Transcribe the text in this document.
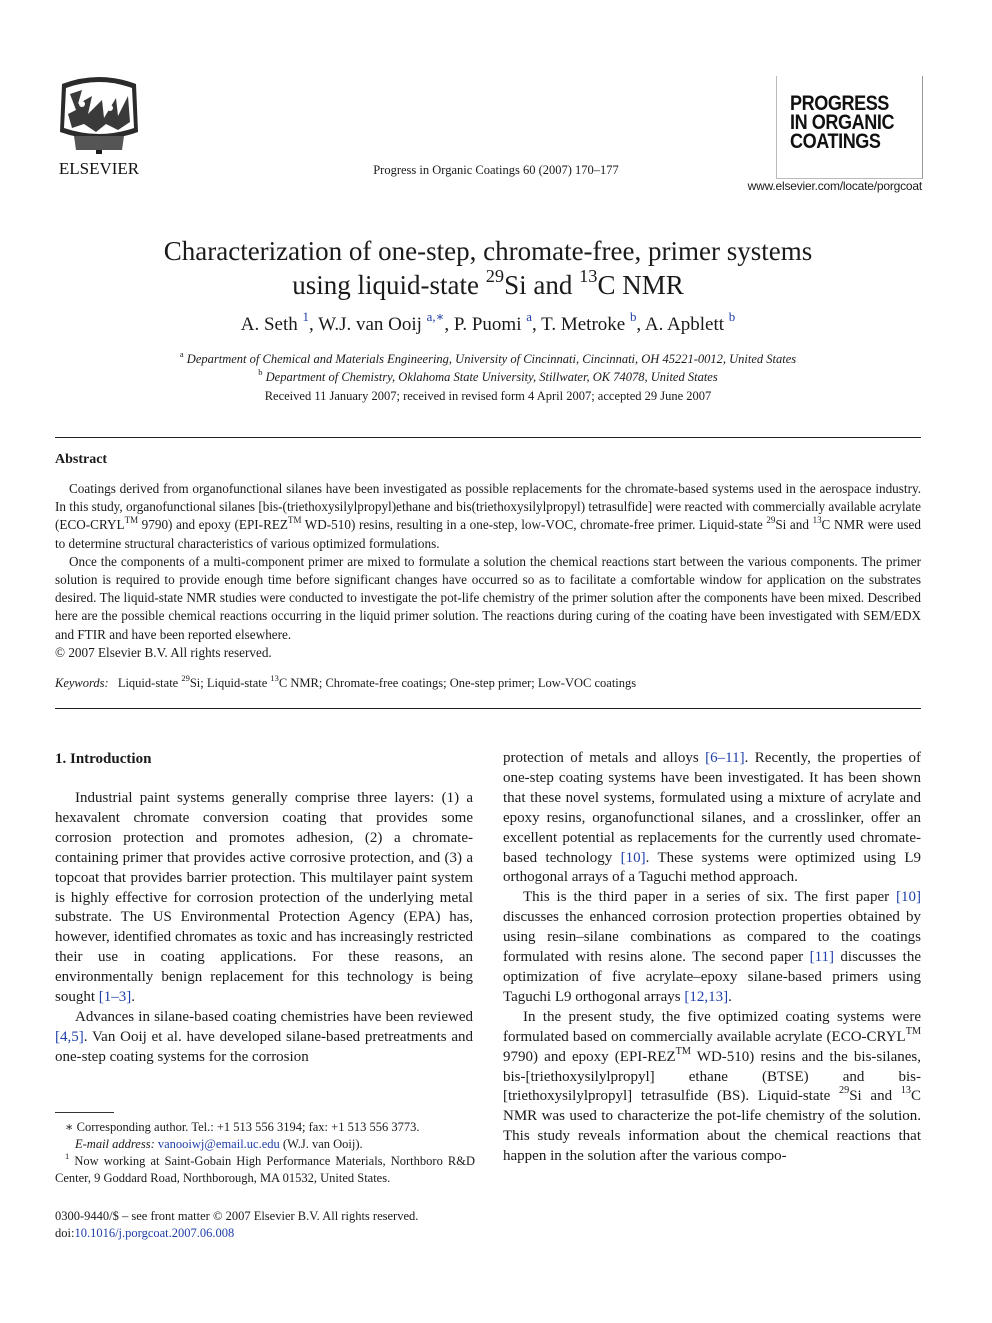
ELSEVIER	Progress in Organic Coatings 60 (2007) 170–177
PROGRESS
IN ORGANIC
COATINGS
www.elsevier.com/locate/porgcoat
Characterization of one-step, chromate-free, primer systems
using liquid-state $^{29}$Si and $^{13}$C NMR
A. Seth $^1$, W.J. van Ooij $^{a,∗}$, P. Puomi $^a$, T. Metroke $^b$, A. Apblett $^b$
$^a$ Department of Chemical and Materials Engineering, University of Cincinnati, Cincinnati, OH 45221-0012, United States
$^b$ Department of Chemistry, Oklahoma State University, Stillwater, OK 74078, United States
Received 11 January 2007; received in revised form 4 April 2007; accepted 29 June 2007
Abstract

Coatings derived from organofunctional silanes have been investigated as possible replacements for the chromate-based systems used in the aerospace industry. In this study, organofunctional silanes [bis-(triethoxysilylpropyl)ethane and bis(triethoxysilylpropyl) tetrasulfide] were reacted with commercially available acrylate (ECO-CRYL™ 9790) and epoxy (EPI-REZ™ WD-510) resins, resulting in a one-step, low-VOC, chromate-free primer. Liquid-state $^{29}$Si and $^{13}$C NMR were used to determine structural characteristics of various optimized formulations.

Once the components of a multi-component primer are mixed to formulate a solution the chemical reactions start between the various components. The primer solution is required to provide enough time before significant changes have occurred so as to facilitate a comfortable window for application on the substrates desired. The liquid-state NMR studies were conducted to investigate the pot-life chemistry of the primer solution after the components have been mixed. Described here are the possible chemical reactions occurring in the liquid primer solution. The reactions during curing of the coating have been investigated with SEM/EDX and FTIR and have been reported elsewhere.

© 2007 Elsevier B.V. All rights reserved.

Keywords: Liquid-state $^{29}$Si; Liquid-state $^{13}$C NMR; Chromate-free coatings; One-step primer; Low-VOC coatings
1. Introduction

Industrial paint systems generally comprise three layers: (1) a hexavalent chromate conversion coating that provides some corrosion protection and promotes adhesion, (2) a chromate-containing primer that provides active corrosive protection, and (3) a topcoat that provides barrier protection. This multilayer paint system is highly effective for corrosion protection of the underlying metal substrate. The US Environmental Protection Agency (EPA) has, however, identified chromates as toxic and has increasingly restricted their use in coating applications. For these reasons, an environmentally benign replacement for this technology is being sought [1–3].

Advances in silane-based coating chemistries have been reviewed [4,5]. Van Ooij et al. have developed silane-based pretreatments and one-step coating systems for the corrosion

protection of metals and alloys [6–11]. Recently, the properties of one-step coating systems have been investigated. It has been shown that these novel systems, formulated using a mixture of acrylate and epoxy resins, organofunctional silanes, and a crosslinker, offer an excellent potential as replacements for the currently used chromate-based technology [10]. These systems were optimized using L9 orthogonal arrays of a Taguchi method approach.

This is the third paper in a series of six. The first paper [10] discusses the enhanced corrosion protection properties obtained by using resin–silane combinations as compared to the coatings formulated with resins alone. The second paper [11] discusses the optimization of five acrylate–epoxy silane-based primers using Taguchi L9 orthogonal arrays [12,13].

In the present study, the five optimized coating systems were formulated based on commercially available acrylate (ECO-CRYL™ 9790) and epoxy (EPI-REZ™ WD-510) resins and the bis-silanes, bis-[triethoxysilylpropyl] ethane (BTSE) and bis-[triethoxysilylpropyl] tetrasulfide (BS). Liquid-state $^{29}$Si and $^{13}$C NMR was used to characterize the pot-life chemistry of the solution. This study reveals information about the chemical reactions that happen in the solution after the various compo-

∗ Corresponding author. Tel.: +1 513 556 3194; fax: +1 513 556 3773.

E-mail address: vanooiwj@email.uc.edu (W.J. van Ooij).

$^1$ Now working at Saint-Gobain High Performance Materials, Northboro R&D Center, 9 Goddard Road, Northborough, MA 01532, United States.

0300-9440/$ – see front matter © 2007 Elsevier B.V. All rights reserved.
doi:10.1016/j.porgcoat.2007.06.008
